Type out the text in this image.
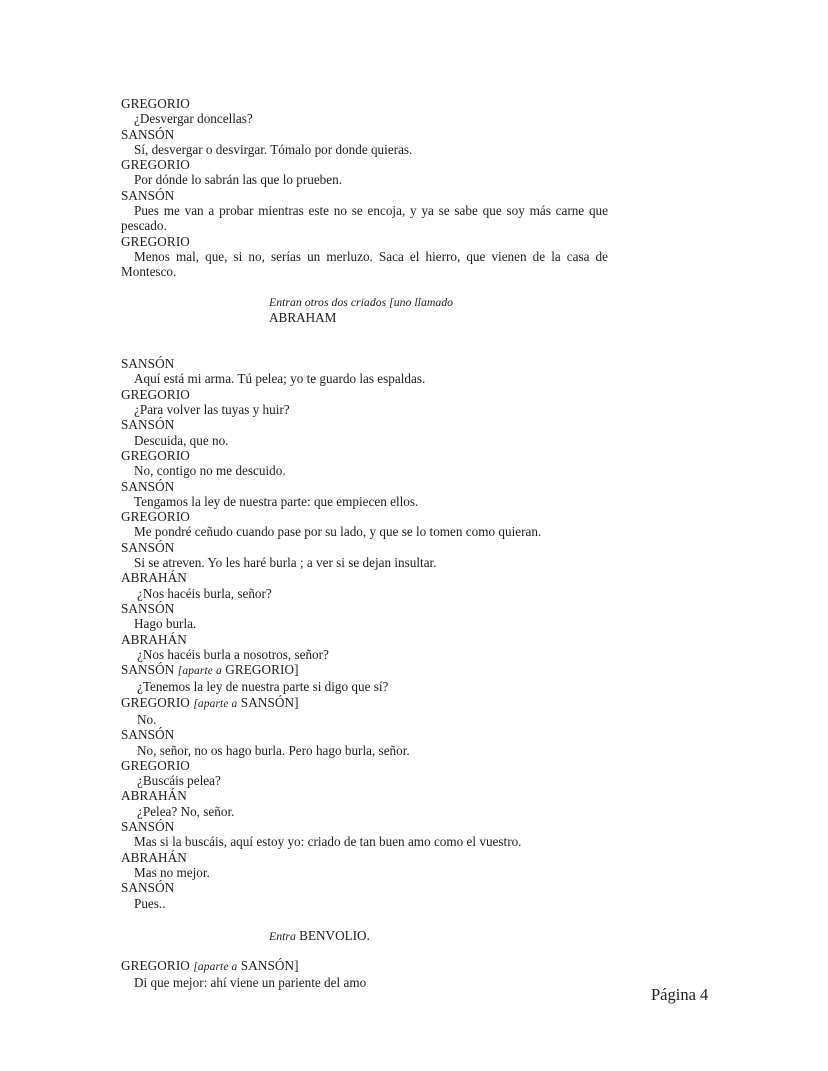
GREGORIO
¿Desvergar doncellas?
SANSÓN
Sí, desvergar o desvirgar. Tómalo por donde quieras.
GREGORIO
Por dónde lo sabrán las que lo prueben.
SANSÓN
Pues me van a probar mientras este no se encoja, y ya se sabe que soy más carne que pescado.
GREGORIO
Menos mal, que, si no, serías un merluzo. Saca el hierro, que vienen de la casa de Montesco.
Entran otros dos criados [uno llamado
ABRAHAM
SANSÓN
Aquí está mi arma. Tú pelea; yo te guardo las espaldas.
GREGORIO
¿Para volver las tuyas y huir?
SANSÓN
Descuida, que no.
GREGORIO
No, contigo no me descuido.
SANSÓN
Tengamos la ley de nuestra parte: que empiecen ellos.
GREGORIO
Me pondré ceñudo cuando pase por su lado, y que se lo tomen como quieran.
SANSÓN
Si se atreven. Yo les haré burla ; a ver si se dejan insultar.
ABRAHÁN
¿Nos hacéis burla, señor?
SANSÓN
Hago burla.
ABRAHÁN
¿Nos hacéis burla a nosotros, señor?
SANSÓN [aparte a GREGORIO]
¿Tenemos la ley de nuestra parte si digo que sí?
GREGORIO [aparte a SANSÓN]
No.
SANSÓN
No, señor, no os hago burla. Pero hago burla, señor.
GREGORIO
¿Buscáis pelea?
ABRAHÁN
¿Pelea? No, señor.
SANSÓN
Mas si la buscáis, aquí estoy yo: criado de tan buen amo como el vuestro.
ABRAHÁN
Mas no mejor.
SANSÓN
Pues..
Entra BENVOLIO.
GREGORIO [aparte a SANSÓN]
Di que mejor: ahí viene un pariente del amo
Página 4
